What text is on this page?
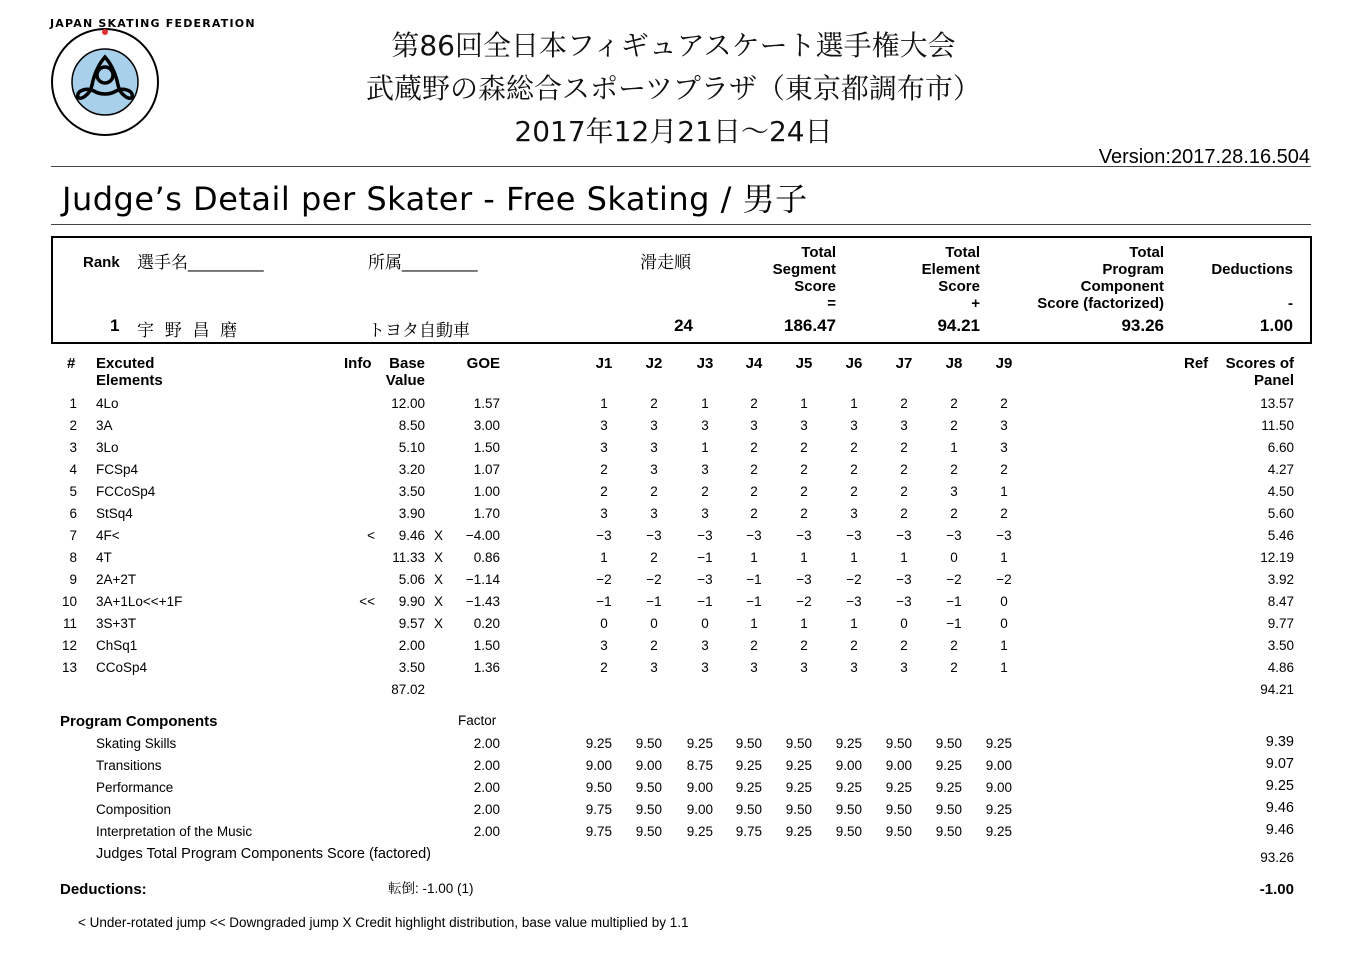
JAPAN SKATING FEDERATION
第86回全日本フィギュアスケート選手権大会
武蔵野の森総合スポーツプラザ（東京都調布市）
2017年12月21日～24日
Version:2017.28.16.504
Judge’s Detail per Skater - Free Skating / 男子
Rank 選手名________	所属________	滑走順
Total
Segment
Score
=
Total
Element
Score
+
Total
Program
Component
Score (factorized)
Deductions
-
1 宇 野 昌 磨	トヨタ自動車	24	186.47	94.21	93.26	1.00
# Excuted
Elements
Info	Base
Value
GOE	J1	J2	J3	J4	J5	J6	J7	J8	J9	Ref	Scores of
Panel
1 4Lo	12.00	1.57	1	2	1	2	1	1	2	2	2	13.57
2 3A	8.50	3.00	3	3	3	3	3	3	3	2	3	11.50
3 3Lo	5.10	1.50	3	3	1	2	2	2	2	1	3	6.60
4 FCSp4	3.20	1.07	2	3	3	2	2	2	2	2	2	4.27
5 FCCoSp4	3.50	1.00	2	2	2	2	2	2	2	3	1	4.50
6 StSq4	3.90	1.70	3	3	3	2	2	3	2	2	2	5.60
7 4F<	<	9.46 X	−4.00	−3	−3	−3	−3	−3	−3	−3	−3	−3	5.46
8 4T	11.33 X	0.86	1	2	−1	1	1	1	1	0	1	12.19
9 2A+2T	5.06 X	−1.14	−2	−2	−3	−1	−3	−2	−3	−2	−2	3.92
10 3A+1Lo<<+1F	<<	9.90 X	−1.43	−1	−1	−1	−1	−2	−3	−3	−1	0	8.47
11 3S+3T	9.57 X	0.20	0	0	0	1	1	1	0	−1	0	9.77
12 ChSq1	2.00	1.50	3	2	3	2	2	2	2	2	1	3.50
13 CCoSp4	3.50	1.36	2	3	3	3	3	3	3	2	1	4.86
87.02	94.21
Program Components	Factor
Skating Skills	2.00	9.25	9.50	9.25	9.50	9.50	9.25	9.50	9.50	9.25	9.39
Transitions	2.00	9.00	9.00	8.75	9.25	9.25	9.00	9.00	9.25	9.00	9.07
Performance	2.00	9.50	9.50	9.00	9.25	9.25	9.25	9.25	9.25	9.00	9.25
Composition	2.00	9.75	9.50	9.00	9.50	9.50	9.50	9.50	9.50	9.25	9.46
Interpretation of the Music	2.00	9.75	9.50	9.25	9.75	9.25	9.50	9.50	9.50	9.25	9.46
Judges Total Program Components Score (factored)	93.26
Deductions:	転倒: -1.00 (1)	-1.00
< Under-rotated jump << Downgraded jump X Credit highlight distribution, base value multiplied by 1.1
